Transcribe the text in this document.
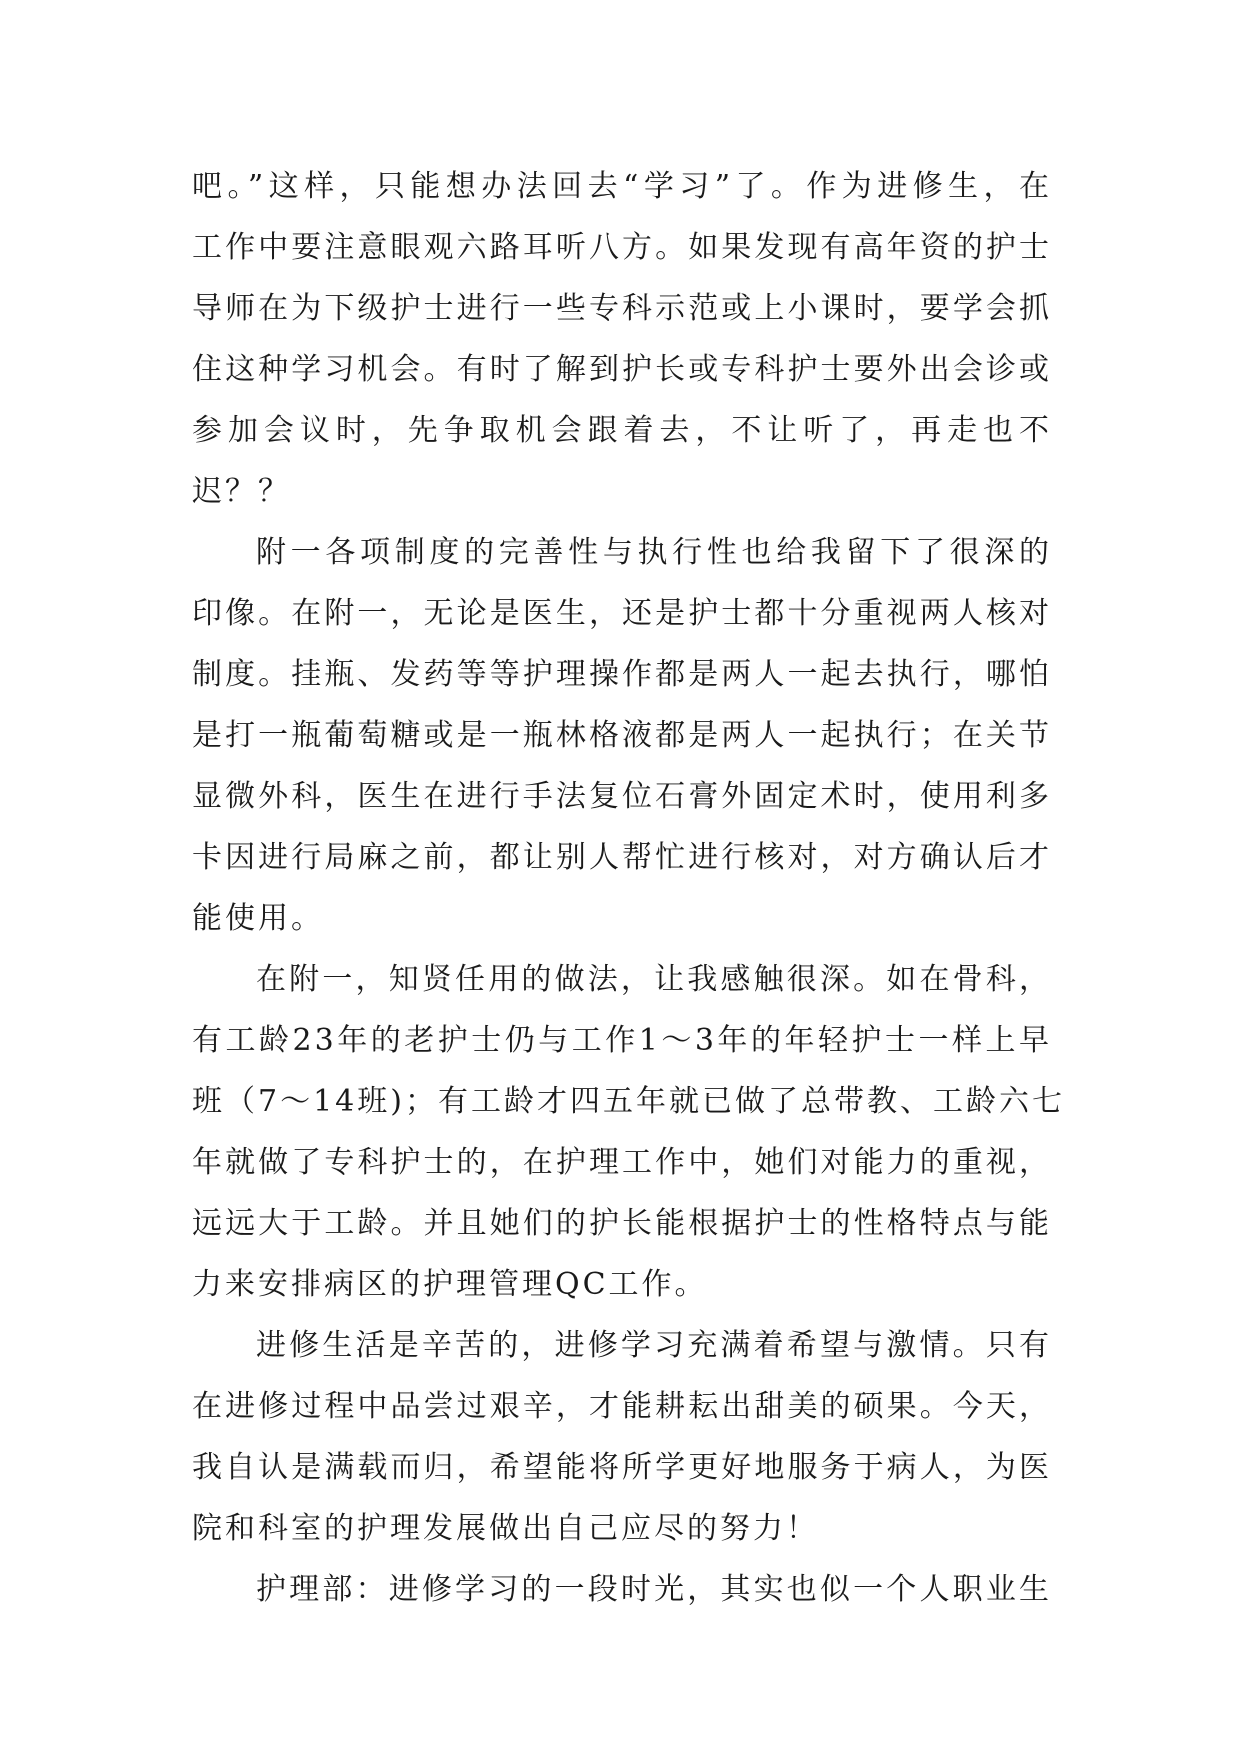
吧。”这样，只能想办法回去“学习”了。作为进修生，在
工作中要注意眼观六路耳听八方。如果发现有高年资的护士
导师在为下级护士进行一些专科示范或上小课时，要学会抓
住这种学习机会。有时了解到护长或专科护士要外出会诊或
参加会议时，先争取机会跟着去，不让听了，再走也不
迟？？
附一各项制度的完善性与执行性也给我留下了很深的
印像。在附一，无论是医生，还是护士都十分重视两人核对
制度。挂瓶、发药等等护理操作都是两人一起去执行，哪怕
是打一瓶葡萄糖或是一瓶林格液都是两人一起执行；在关节
显微外科，医生在进行手法复位石膏外固定术时，使用利多
卡因进行局麻之前，都让别人帮忙进行核对，对方确认后才
能使用。
在附一，知贤任用的做法，让我感触很深。如在骨科，
有工龄23年的老护士仍与工作1～3年的年轻护士一样上早
班（7～14班)；有工龄才四五年就已做了总带教、工龄六七
年就做了专科护士的，在护理工作中，她们对能力的重视，
远远大于工龄。并且她们的护长能根据护士的性格特点与能
力来安排病区的护理管理QC工作。
进修生活是辛苦的，进修学习充满着希望与激情。只有
在进修过程中品尝过艰辛，才能耕耘出甜美的硕果。今天，
我自认是满载而归，希望能将所学更好地服务于病人，为医
院和科室的护理发展做出自己应尽的努力！
护理部：进修学习的一段时光，其实也似一个人职业生
